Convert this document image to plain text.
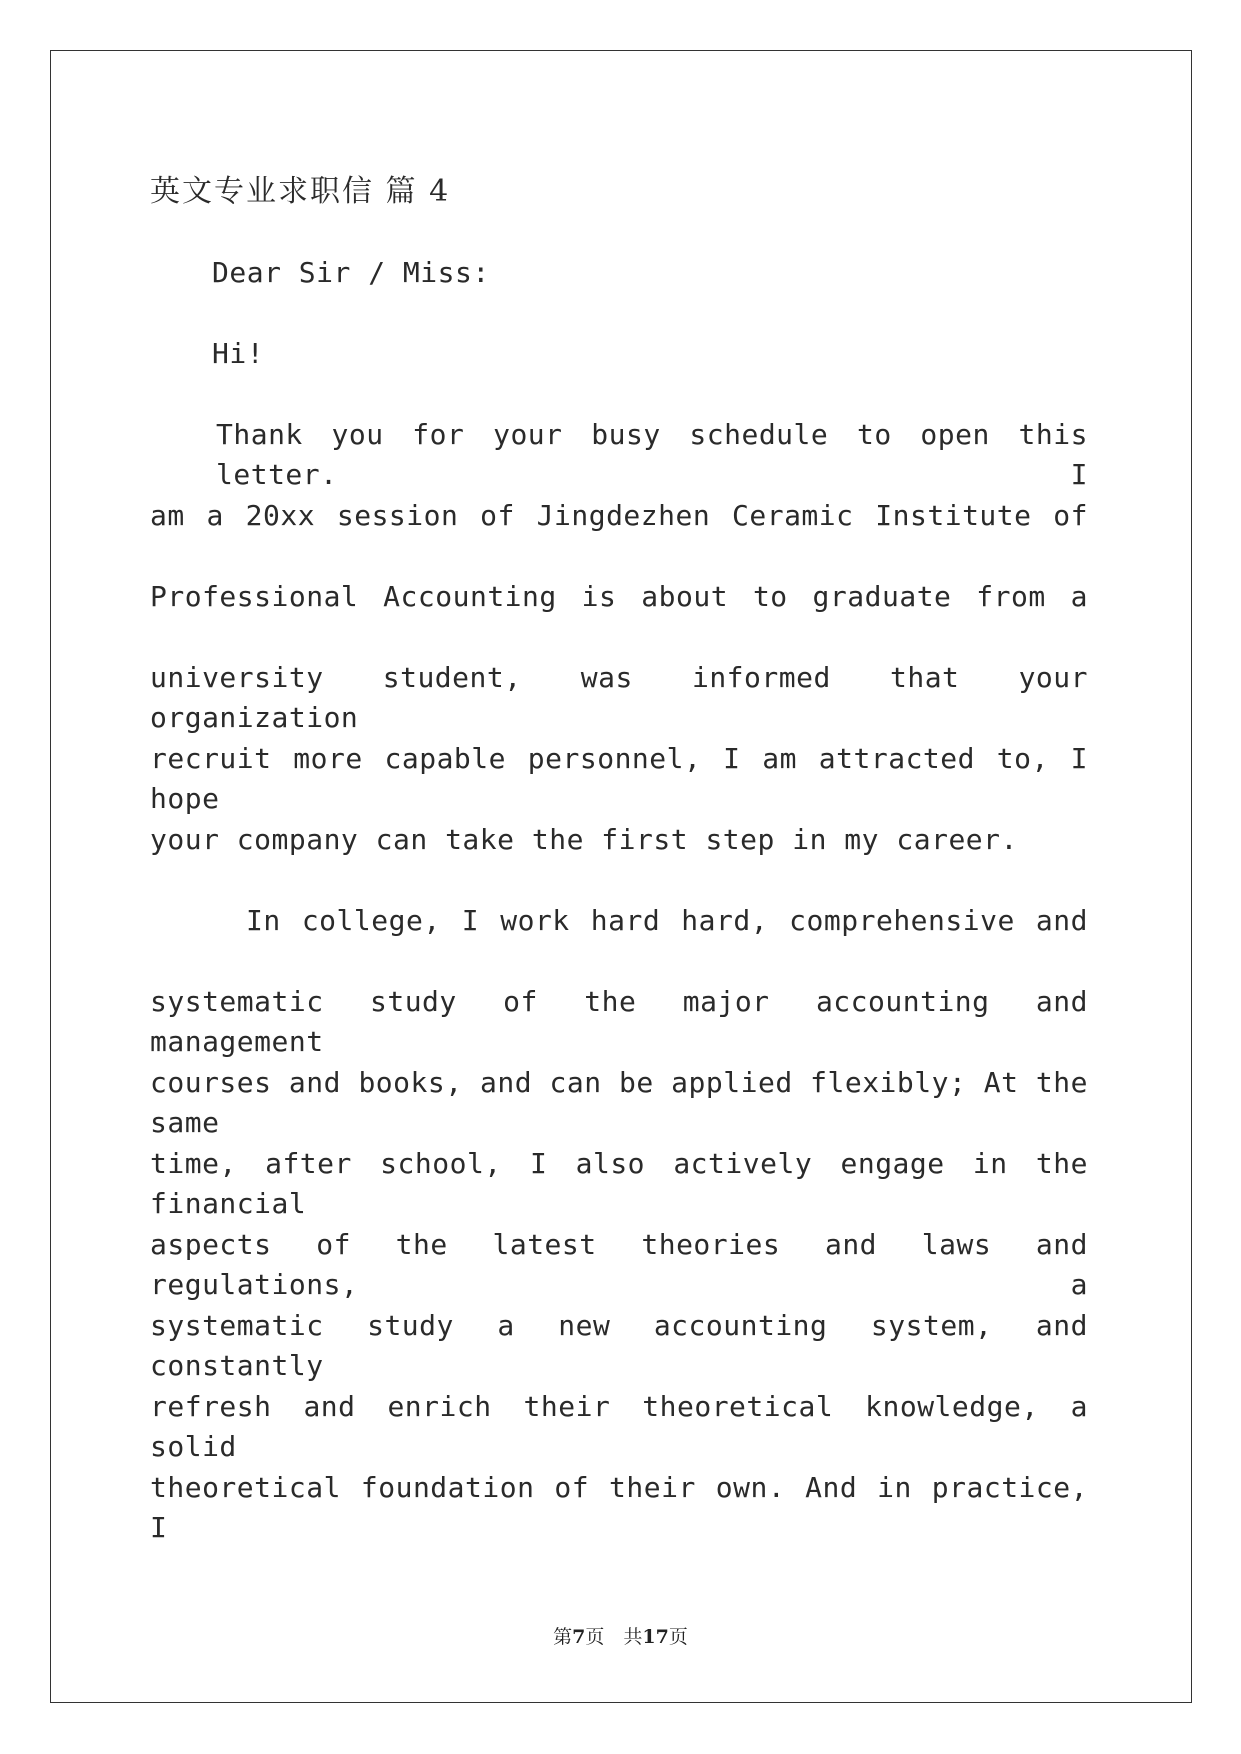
英文专业求职信 篇 4

Dear Sir / Miss:

Hi!

Thank you for your busy schedule to open this letter. I

am a 20xx session of Jingdezhen Ceramic Institute of

Professional Accounting is about to graduate from a

university student, was informed that your organization

recruit more capable personnel, I am attracted to, I hope

your company can take the first step in my career.

In college, I work hard hard, comprehensive and

systematic study of the major accounting and management

courses and books, and can be applied flexibly; At the same

time, after school, I also actively engage in the financial

aspects of the latest theories and laws and regulations, a

systematic study a new accounting system, and constantly

refresh and enrich their theoretical knowledge, a solid

theoretical foundation of their own. And in practice, I

第7页　共17页
